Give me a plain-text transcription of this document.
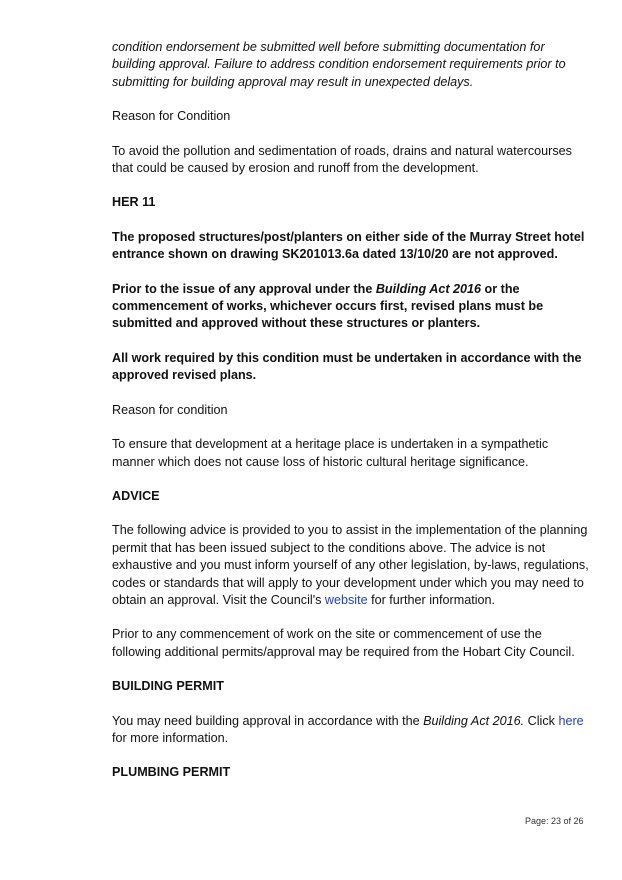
condition endorsement be submitted well before submitting documentation for building approval. Failure to address condition endorsement requirements prior to submitting for building approval may result in unexpected delays.

Reason for Condition

To avoid the pollution and sedimentation of roads, drains and natural watercourses that could be caused by erosion and runoff from the development.

HER 11

The proposed structures/post/planters on either side of the Murray Street hotel entrance shown on drawing SK201013.6a dated 13/10/20 are not approved.

Prior to the issue of any approval under the Building Act 2016 or the commencement of works, whichever occurs first, revised plans must be submitted and approved without these structures or planters.

All work required by this condition must be undertaken in accordance with the approved revised plans.

Reason for condition

To ensure that development at a heritage place is undertaken in a sympathetic manner which does not cause loss of historic cultural heritage significance.

ADVICE

The following advice is provided to you to assist in the implementation of the planning permit that has been issued subject to the conditions above. The advice is not exhaustive and you must inform yourself of any other legislation, by-laws, regulations, codes or standards that will apply to your development under which you may need to obtain an approval. Visit the Council's website for further information.

Prior to any commencement of work on the site or commencement of use the following additional permits/approval may be required from the Hobart City Council.

BUILDING PERMIT

You may need building approval in accordance with the Building Act 2016. Click here for more information.

PLUMBING PERMIT

Page: 23 of 26
